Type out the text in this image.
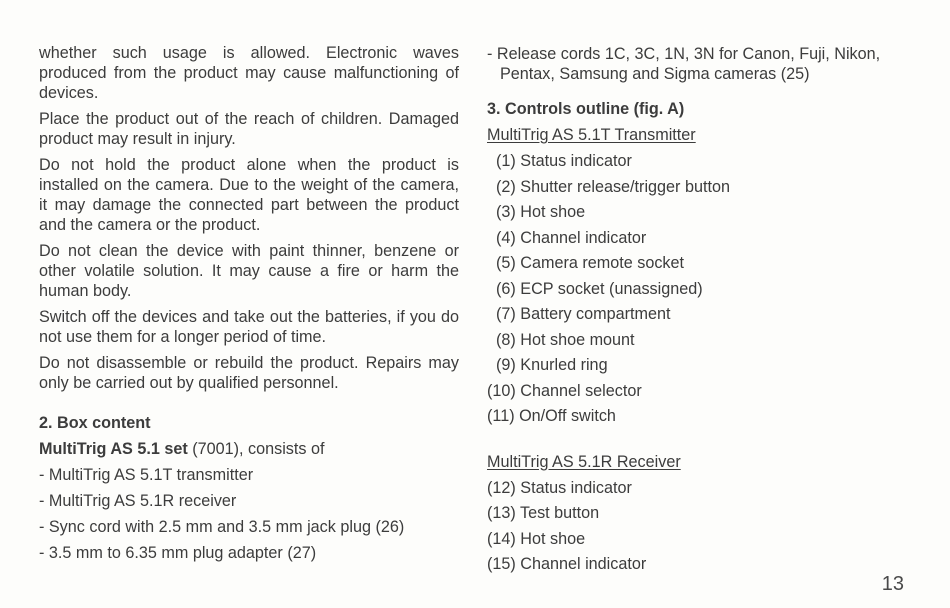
whether such usage is allowed. Electronic waves produced from the product may cause malfunctioning of devices.

Place the product out of the reach of children. Damaged product may result in injury.

Do not hold the product alone when the product is installed on the camera. Due to the weight of the camera, it may damage the connected part between the product and the camera or the product.

Do not clean the device with paint thinner, benzene or other volatile solution. It may cause a fire or harm the human body.

Switch off the devices and take out the batteries, if you do not use them for a longer period of time.

Do not disassemble or rebuild the product. Repairs may only be carried out by qualified personnel.

2. Box content
MultiTrig AS 5.1 set (7001), consists of
- MultiTrig AS 5.1T transmitter
- MultiTrig AS 5.1R receiver
- Sync cord with 2.5 mm and 3.5 mm jack plug (26)
- 3.5 mm to 6.35 mm plug adapter (27)
- Release cords 1C, 3C, 1N, 3N for Canon, Fuji, Nikon,
Pentax, Samsung and Sigma cameras (25)
3. Controls outline (fig. A)
MultiTrig AS 5.1T Transmitter
(1) Status indicator
(2) Shutter release/trigger button
(3) Hot shoe
(4) Channel indicator
(5) Camera remote socket
(6) ECP socket (unassigned)
(7) Battery compartment
(8) Hot shoe mount
(9) Knurled ring
(10) Channel selector
(11) On/Off switch
MultiTrig AS 5.1R Receiver
(12) Status indicator
(13) Test button
(14) Hot shoe
(15) Channel indicator
13
